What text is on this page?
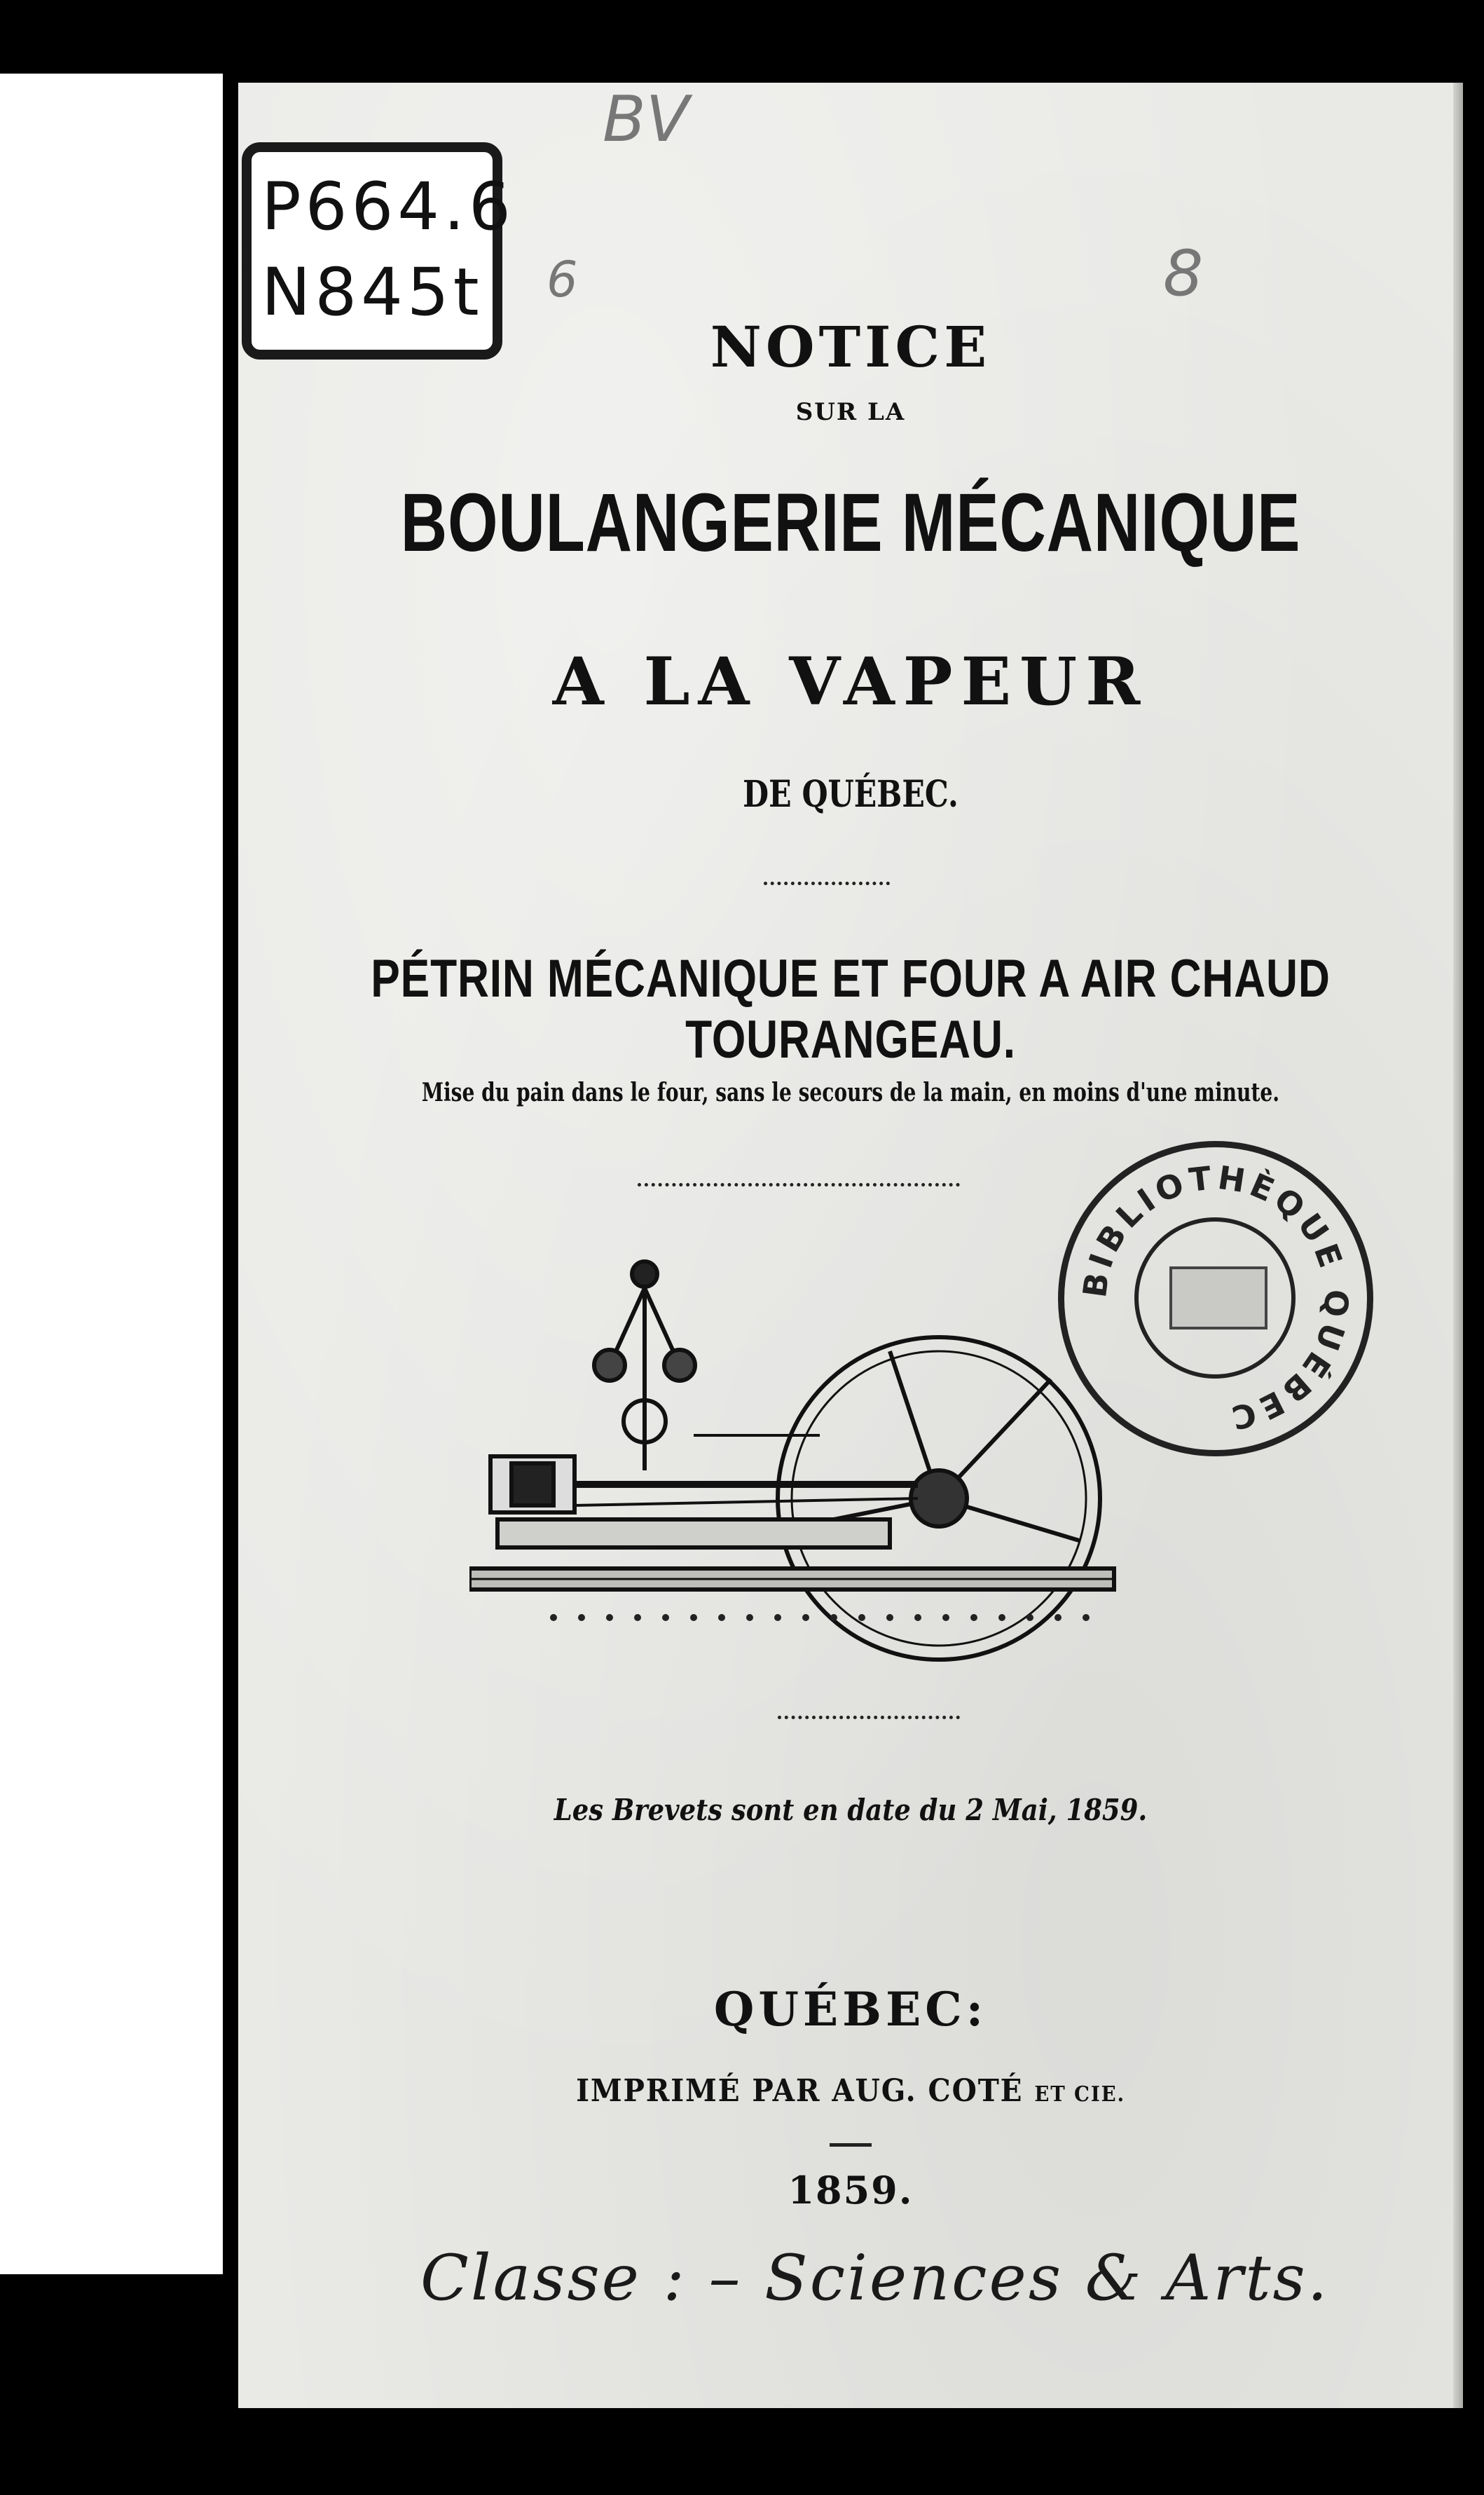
P664.6
N845t
BV
6	8
NOTICE
SUR LA
BOULANGERIE MÉCANIQUE
A LA VAPEUR
DE QUÉBEC.
PÉTRIN MÉCANIQUE ET FOUR A AIR CHAUD TOURANGEAU.
Mise du pain dans le four, sans le secours de la main, en moins d'une minute.
BIBLIOTHÈQUE QUÉBEC
Les Brevets sont en date du 2 Mai, 1859.
QUÉBEC:
IMPRIMÉ PAR AUG. COTÉ ET CIE.
1859.
Classe : – Sciences & Arts.
